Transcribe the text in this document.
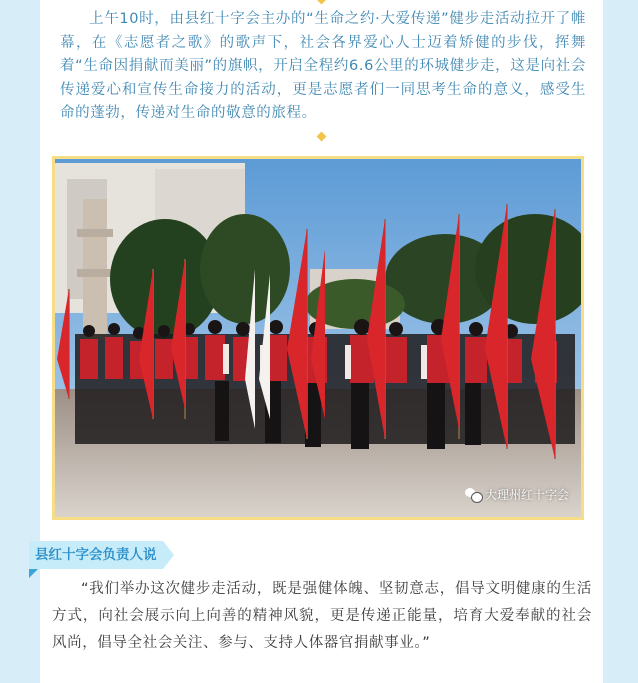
上午10时，由县红十字会主办的“生命之约·大爱传递”健步走活动拉开了帷幕，在《志愿者之歌》的歌声下，社会各界爱心人士迈着矫健的步伐，挥舞着“生命因捐献而美丽”的旗帜，开启全程约6.6公里的环城健步走，这是向社会传递爱心和宣传生命接力的活动，更是志愿者们一同思考生命的意义，感受生命的蓬勃，传递对生命的敬意的旅程。

大理州红十字会
县红十字会负责人说

“我们举办这次健步走活动，既是强健体魄、坚韧意志，倡导文明健康的生活方式，向社会展示向上向善的精神风貌，更是传递正能量，培育大爱奉献的社会风尚，倡导全社会关注、参与、支持人体器官捐献事业。”
